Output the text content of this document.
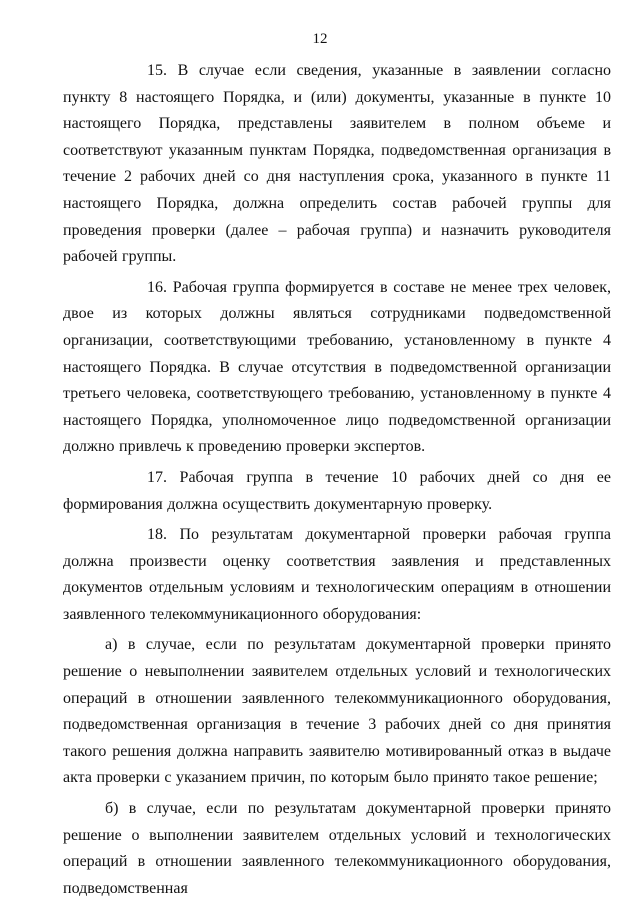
12

15. В случае если сведения, указанные в заявлении согласно пункту 8 настоящего Порядка, и (или) документы, указанные в пункте 10 настоящего Порядка, представлены заявителем в полном объеме и соответствуют указанным пунктам Порядка, подведомственная организация в течение 2 рабочих дней со дня наступления срока, указанного в пункте 11 настоящего Порядка, должна определить состав рабочей группы для проведения проверки (далее – рабочая группа) и назначить руководителя рабочей группы.

16. Рабочая группа формируется в составе не менее трех человек, двое из которых должны являться сотрудниками подведомственной организации, соответствующими требованию, установленному в пункте 4 настоящего Порядка. В случае отсутствия в подведомственной организации третьего человека, соответствующего требованию, установленному в пункте 4 настоящего Порядка, уполномоченное лицо подведомственной организации должно привлечь к проведению проверки экспертов.

17. Рабочая группа в течение 10 рабочих дней со дня ее формирования должна осуществить документарную проверку.

18. По результатам документарной проверки рабочая группа должна произвести оценку соответствия заявления и представленных документов отдельным условиям и технологическим операциям в отношении заявленного телекоммуникационного оборудования:

а) в случае, если по результатам документарной проверки принято решение о невыполнении заявителем отдельных условий и технологических операций в отношении заявленного телекоммуникационного оборудования, подведомственная организация в течение 3 рабочих дней со дня принятия такого решения должна направить заявителю мотивированный отказ в выдаче акта проверки с указанием причин, по которым было принято такое решение;

б) в случае, если по результатам документарной проверки принято решение о выполнении заявителем отдельных условий и технологических операций в отношении заявленного телекоммуникационного оборудования, подведомственная
